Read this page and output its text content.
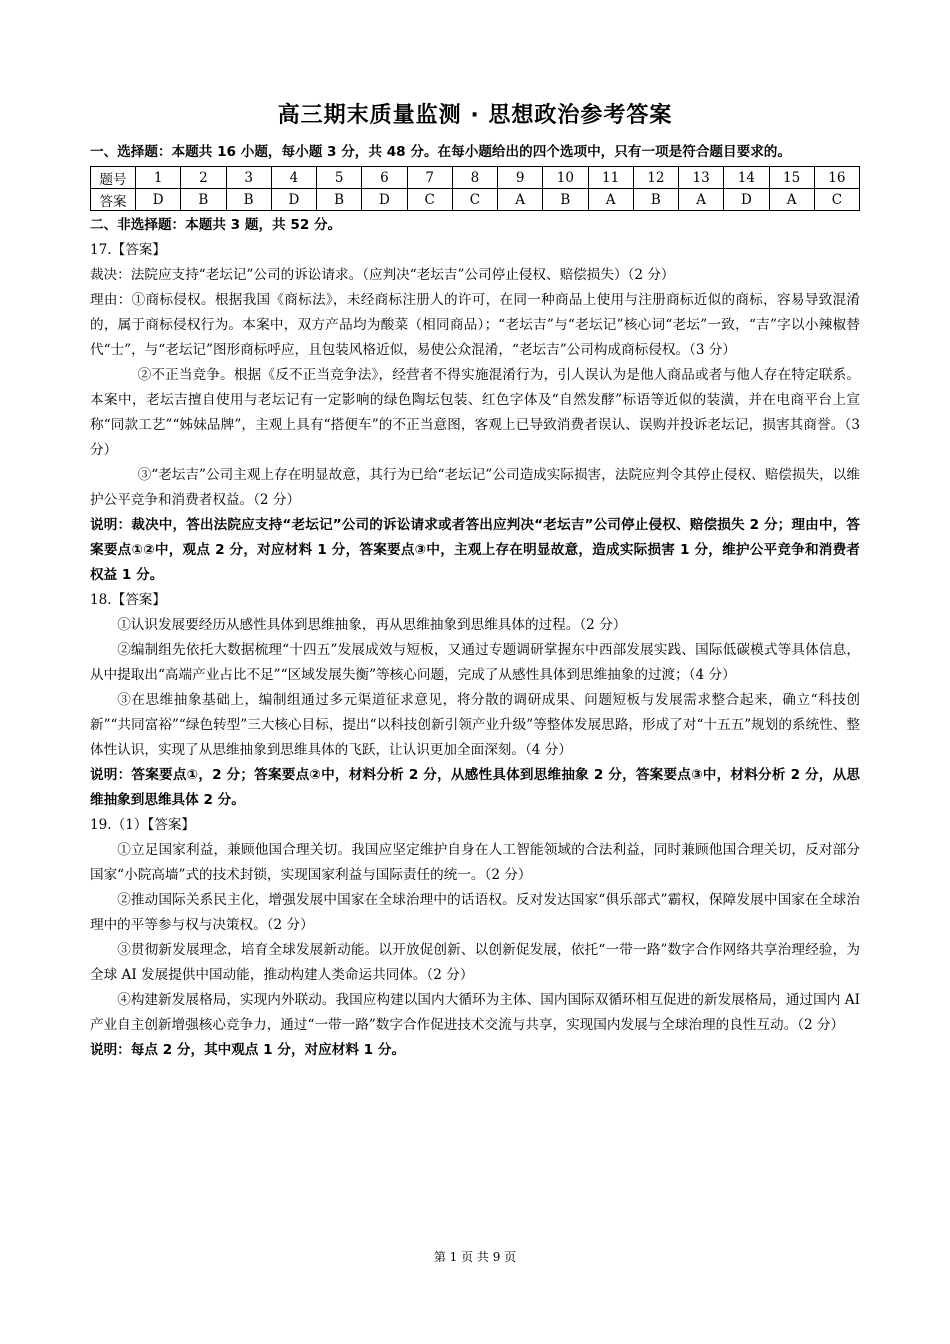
高三期末质量监测 · 思想政治参考答案

一、选择题：本题共 16 小题，每小题 3 分，共 48 分。在每小题给出的四个选项中，只有一项是符合题目要求的。

题号	1	2	3	4	5	6	7	8	9	10	11	12	13	14	15	16
答案	D	B	B	D	B	D	C	C	A	B	A	B	A	D	A	C

二、非选择题：本题共 3 题，共 52 分。

17.【答案】

裁决：法院应支持“老坛记”公司的诉讼请求。（应判决“老坛吉”公司停止侵权、赔偿损失）（2 分）

理由：①商标侵权。根据我国《商标法》，未经商标注册人的许可，在同一种商品上使用与注册商标近似的商标，容易导致混淆的，属于商标侵权行为。本案中，双方产品均为酸菜（相同商品）；“老坛吉”与“老坛记”核心词“老坛”一致，“吉”字以小辣椒替代“士”，与“老坛记”图形商标呼应，且包装风格近似，易使公众混淆，“老坛吉”公司构成商标侵权。（3 分）

②不正当竞争。根据《反不正当竞争法》，经营者不得实施混淆行为，引人误认为是他人商品或者与他人存在特定联系。本案中，老坛吉擅自使用与老坛记有一定影响的绿色陶坛包装、红色字体及“自然发酵”标语等近似的装潢，并在电商平台上宣称“同款工艺”“姊妹品牌”，主观上具有“搭便车”的不正当意图，客观上已导致消费者误认、误购并投诉老坛记，损害其商誉。（3 分）

③“老坛吉”公司主观上存在明显故意，其行为已给“老坛记”公司造成实际损害，法院应判令其停止侵权、赔偿损失，以维护公平竞争和消费者权益。（2 分）

说明：裁决中，答出法院应支持“老坛记”公司的诉讼请求或者答出应判决“老坛吉”公司停止侵权、赔偿损失 2 分；理由中，答案要点①②中，观点 2 分，对应材料 1 分，答案要点③中，主观上存在明显故意，造成实际损害 1 分，维护公平竞争和消费者权益 1 分。

18.【答案】

①认识发展要经历从感性具体到思维抽象，再从思维抽象到思维具体的过程。（2 分）

②编制组先依托大数据梳理“十四五”发展成效与短板，又通过专题调研掌握东中西部发展实践、国际低碳模式等具体信息，从中提取出“高端产业占比不足”“区域发展失衡”等核心问题，完成了从感性具体到思维抽象的过渡；（4 分）

③在思维抽象基础上，编制组通过多元渠道征求意见，将分散的调研成果、问题短板与发展需求整合起来，确立“科技创新”“共同富裕”“绿色转型”三大核心目标，提出“以科技创新引领产业升级”等整体发展思路，形成了对“十五五”规划的系统性、整体性认识，实现了从思维抽象到思维具体的飞跃，让认识更加全面深刻。（4 分）

说明：答案要点①，2 分；答案要点②中，材料分析 2 分，从感性具体到思维抽象 2 分，答案要点③中，材料分析 2 分，从思维抽象到思维具体 2 分。

19.（1）【答案】

①立足国家利益，兼顾他国合理关切。我国应坚定维护自身在人工智能领域的合法利益，同时兼顾他国合理关切，反对部分国家“小院高墙”式的技术封锁，实现国家利益与国际责任的统一。（2 分）

②推动国际关系民主化，增强发展中国家在全球治理中的话语权。反对发达国家“俱乐部式”霸权，保障发展中国家在全球治理中的平等参与权与决策权。（2 分）

③贯彻新发展理念，培育全球发展新动能。以开放促创新、以创新促发展，依托“一带一路”数字合作网络共享治理经验，为全球 AI 发展提供中国动能，推动构建人类命运共同体。（2 分）

④构建新发展格局，实现内外联动。我国应构建以国内大循环为主体、国内国际双循环相互促进的新发展格局，通过国内 AI 产业自主创新增强核心竞争力，通过“一带一路”数字合作促进技术交流与共享，实现国内发展与全球治理的良性互动。（2 分）

说明：每点 2 分，其中观点 1 分，对应材料 1 分。

第 1 页 共 9 页
